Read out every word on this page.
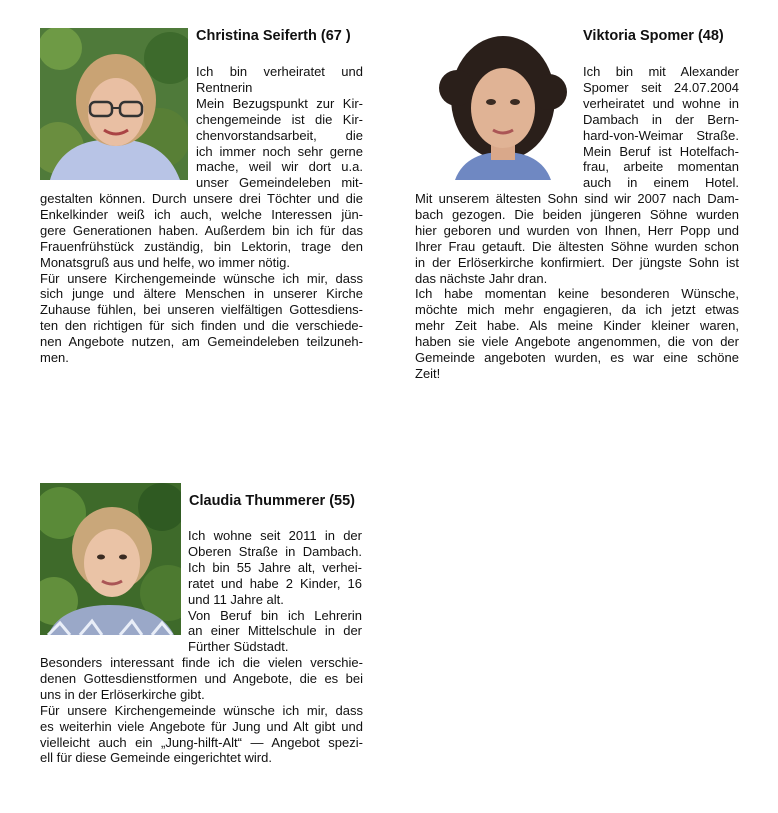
Christina Seiferth (67 )
Ich bin verheiratet und
Rentnerin
Mein Bezugspunkt zur Kir-
chengemeinde ist die Kir-
chenvorstandsarbeit, die
ich immer noch sehr gerne
mache, weil wir dort u.a.
unser Gemeindeleben mit-
gestalten können. Durch unsere drei Töchter und die
Enkelkinder weiß ich auch, welche Interessen jün-
gere Generationen haben. Außerdem bin ich für das
Frauenfrühstück zuständig, bin Lektorin, trage den
Monatsgruß aus und helfe, wo immer nötig.
Für unsere Kirchengemeinde wünsche ich mir, dass
sich junge und ältere Menschen in unserer Kirche
Zuhause fühlen, bei unseren vielfältigen Gottesdiens-
ten den richtigen für sich finden und die verschiede-
nen Angebote nutzen, am Gemeindeleben teilzuneh-
men.
Viktoria Spomer (48)
Ich bin mit Alexander
Spomer seit 24.07.2004
verheiratet und wohne in
Dambach in der Bern-
hard-von-Weimar Straße.
Mein Beruf ist Hotelfach-
frau, arbeite momentan
auch in einem Hotel.
Mit unserem ältesten Sohn sind wir 2007 nach Dam-
bach gezogen. Die beiden jüngeren Söhne wurden
hier geboren und wurden von Ihnen, Herr Popp und
Ihrer Frau getauft. Die ältesten Söhne wurden schon
in der Erlöserkirche konfirmiert. Der jüngste Sohn ist
das nächste Jahr dran.
Ich habe momentan keine besonderen Wünsche,
möchte mich mehr engagieren, da ich jetzt etwas
mehr Zeit habe. Als meine Kinder kleiner waren,
haben sie viele Angebote angenommen, die von der
Gemeinde angeboten wurden, es war eine schöne
Zeit!
Claudia Thummerer (55)
Ich wohne seit 2011 in der
Oberen Straße in Dambach.
Ich bin 55 Jahre alt, verhei-
ratet und habe 2 Kinder, 16
und 11 Jahre alt.
Von Beruf bin ich Lehrerin
an einer Mittelschule in der
Fürther Südstadt.
Besonders interessant finde ich die vielen verschie-
denen Gottesdienstformen und Angebote, die es bei
uns in der Erlöserkirche gibt.
Für unsere Kirchengemeinde wünsche ich mir, dass
es weiterhin viele Angebote für Jung und Alt gibt und
vielleicht auch ein „Jung-hilft-Alt“ — Angebot spezi-
ell für diese Gemeinde eingerichtet wird.
